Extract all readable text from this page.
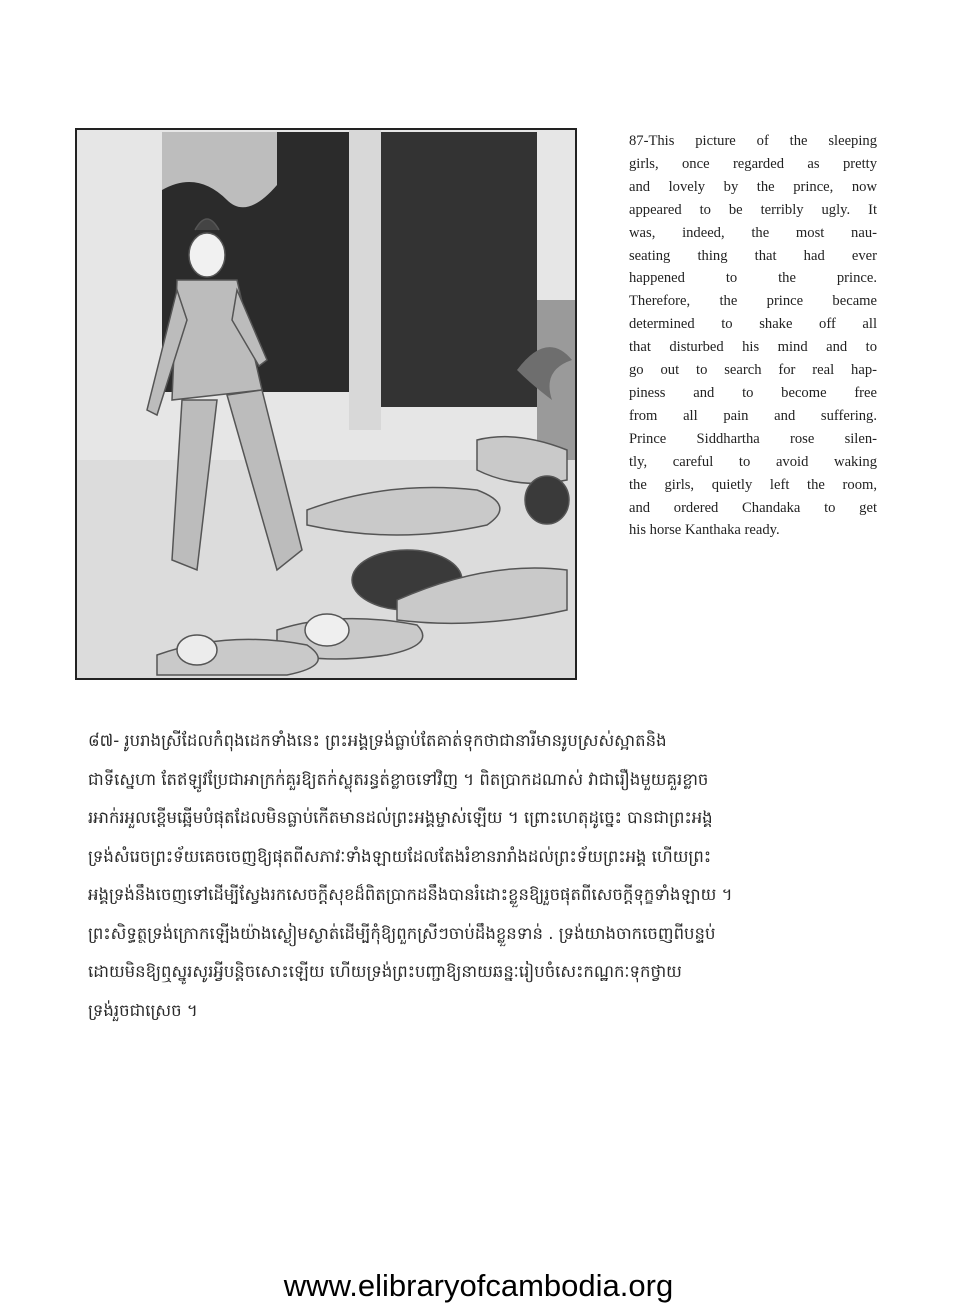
87-This picture of the sleeping
girls, once regarded as pretty
and lovely by the prince, now
appeared to be terribly ugly. It
was, indeed, the most nau-
seating thing that had ever
happened to the prince.
Therefore, the prince became
determined to shake off all
that disturbed his mind and to
go out to search for real hap-
piness and to become free
from all pain and suffering.
Prince Siddhartha rose silen-
tly, careful to avoid waking
the girls, quietly left the room,
and ordered Chandaka to get
his horse Kanthaka ready.
៨៧- រូបរាងស្រីដែលកំពុងដេកទាំងនេះ ព្រះអង្គទ្រង់ធ្លាប់តែគាត់ទុកថាជានារីមានរូបស្រស់ស្អាតនិង
ជាទីស្នេហា តែឥឡូវប្រែជាអាក្រក់គួរឱ្យតក់ស្លុតរន្ធត់ខ្លាចទៅវិញ ។ ពិតប្រាកដណាស់ វាជារឿងមួយគួរខ្លាច
រអាក់រអួលខ្ពើមឆ្អើមបំផុតដែលមិនធ្លាប់កើតមានដល់ព្រះអង្គម្ចាស់ឡើយ ។ ព្រោះហេតុដូច្នេះ បានជាព្រះអង្គ
ទ្រង់សំរេចព្រះទ័យគេចចេញឱ្យផុតពីសភាវៈទាំងឡាយដែលតែងរំខានរារាំងដល់ព្រះទ័យព្រះអង្គ ហើយព្រះ
អង្គទ្រង់នឹងចេញទៅដើម្បីស្វែងរកសេចក្តីសុខដ៏ពិតប្រាកដនឹងបានរំដោះខ្លួនឱ្យរួចផុតពីសេចក្តីទុក្ខទាំងឡាយ ។
ព្រះសិទ្ធត្ថទ្រង់ក្រោកឡើងយ៉ាងស្ងៀមស្ងាត់ដើម្បីកុំឱ្យពួកស្រីៗចាប់ដឹងខ្លួនទាន់ . ទ្រង់យាងចាកចេញពីបន្ទប់
ដោយមិនឱ្យឮស្នូរសូរអ្វីបន្តិចសោះឡើយ ហើយទ្រង់ព្រះបញ្ជាឱ្យនាយឆន្នៈរៀបចំសេះកណ្ឋកៈទុកថ្វាយ
ទ្រង់រួចជាស្រេច ។
www.elibraryofcambodia.org
